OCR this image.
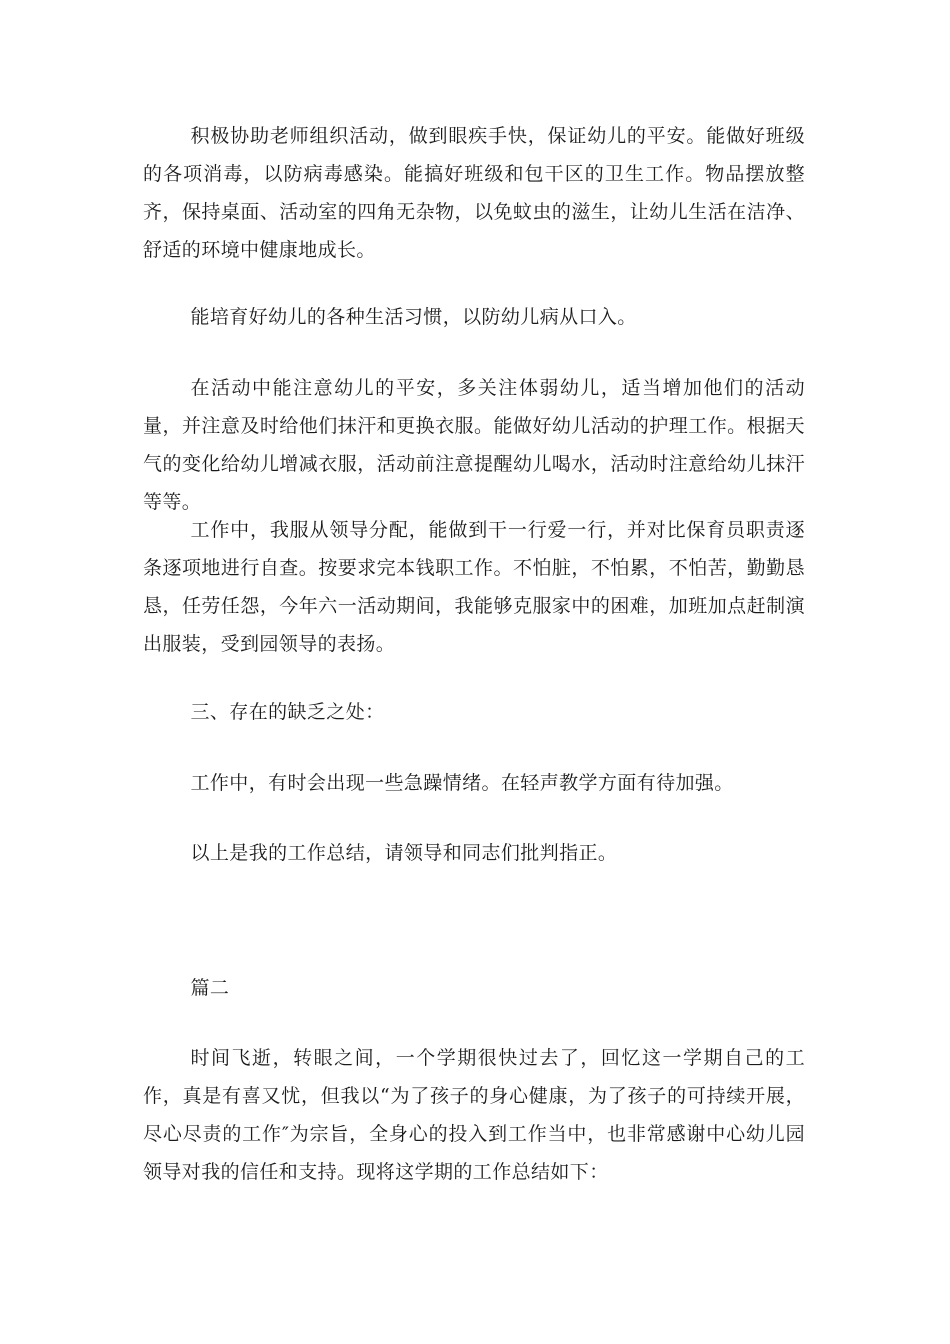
积极协助老师组织活动，做到眼疾手快，保证幼儿的平安。能做好班级的各项消毒，以防病毒感染。能搞好班级和包干区的卫生工作。物品摆放整齐，保持桌面、活动室的四角无杂物，以免蚊虫的滋生，让幼儿生活在洁净、舒适的环境中健康地成长。

能培育好幼儿的各种生活习惯，以防幼儿病从口入。

在活动中能注意幼儿的平安，多关注体弱幼儿，适当增加他们的活动量，并注意及时给他们抹汗和更换衣服。能做好幼儿活动的护理工作。根据天气的变化给幼儿增减衣服，活动前注意提醒幼儿喝水，活动时注意给幼儿抹汗等等。

工作中，我服从领导分配，能做到干一行爱一行，并对比保育员职责逐条逐项地进行自查。按要求完本钱职工作。不怕脏，不怕累，不怕苦，勤勤恳恳，任劳任怨，今年六一活动期间，我能够克服家中的困难，加班加点赶制演出服装，受到园领导的表扬。

三、存在的缺乏之处：

工作中，有时会出现一些急躁情绪。在轻声教学方面有待加强。

以上是我的工作总结，请领导和同志们批判指正。

篇二

时间飞逝，转眼之间，一个学期很快过去了，回忆这一学期自己的工作，真是有喜又忧，但我以“为了孩子的身心健康，为了孩子的可持续开展，尽心尽责的工作″为宗旨，全身心的投入到工作当中，也非常感谢中心幼儿园领导对我的信任和支持。现将这学期的工作总结如下：
